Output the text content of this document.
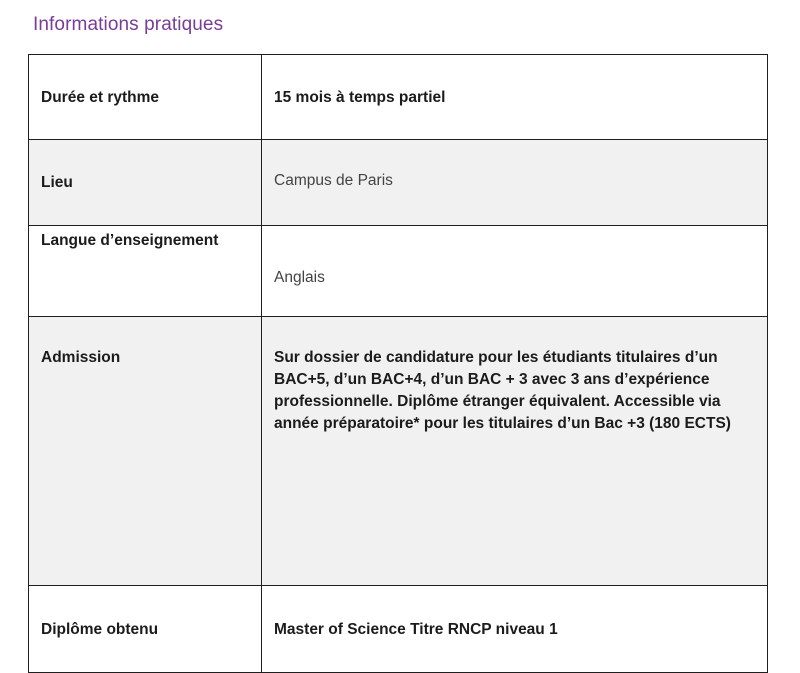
Informations pratiques
Durée et rythme	15 mois à temps partiel
Lieu	Campus de Paris
Langue d’enseignement	Anglais
Admission	Sur dossier de candidature pour les étudiants titulaires d’un BAC+5, d’un BAC+4, d’un BAC + 3 avec 3 ans d’expérience professionnelle. Diplôme étranger équivalent. Accessible via année préparatoire* pour les titulaires d’un Bac +3 (180 ECTS)
Diplôme obtenu	Master of Science Titre RNCP niveau 1
